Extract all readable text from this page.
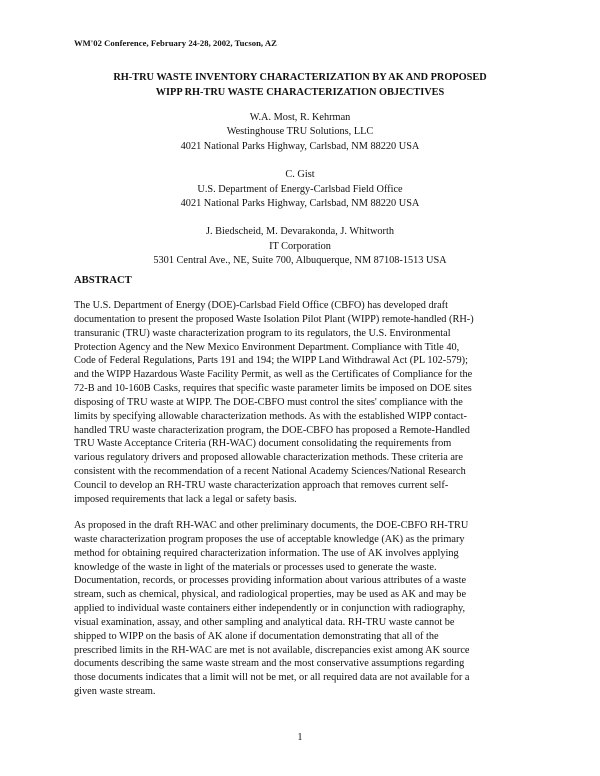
WM'02 Conference, February 24-28, 2002, Tucson, AZ
RH-TRU WASTE INVENTORY CHARACTERIZATION BY AK AND PROPOSED
WIPP RH-TRU WASTE CHARACTERIZATION OBJECTIVES
W.A. Most, R. Kehrman
Westinghouse TRU Solutions, LLC
4021 National Parks Highway, Carlsbad, NM 88220 USA
C. Gist
U.S. Department of Energy-Carlsbad Field Office
4021 National Parks Highway, Carlsbad, NM 88220 USA
J. Biedscheid, M. Devarakonda, J. Whitworth
IT Corporation
5301 Central Ave., NE, Suite 700, Albuquerque, NM 87108-1513 USA
ABSTRACT
The U.S. Department of Energy (DOE)-Carlsbad Field Office (CBFO) has developed draft
documentation to present the proposed Waste Isolation Pilot Plant (WIPP) remote-handled (RH-)
transuranic (TRU) waste characterization program to its regulators, the U.S. Environmental
Protection Agency and the New Mexico Environment Department. Compliance with Title 40,
Code of Federal Regulations, Parts 191 and 194; the WIPP Land Withdrawal Act (PL 102-579);
and the WIPP Hazardous Waste Facility Permit, as well as the Certificates of Compliance for the
72-B and 10-160B Casks, requires that specific waste parameter limits be imposed on DOE sites
disposing of TRU waste at WIPP. The DOE-CBFO must control the sites' compliance with the
limits by specifying allowable characterization methods. As with the established WIPP contact-
handled TRU waste characterization program, the DOE-CBFO has proposed a Remote-Handled
TRU Waste Acceptance Criteria (RH-WAC) document consolidating the requirements from
various regulatory drivers and proposed allowable characterization methods. These criteria are
consistent with the recommendation of a recent National Academy Sciences/National Research
Council to develop an RH-TRU waste characterization approach that removes current self-
imposed requirements that lack a legal or safety basis.
As proposed in the draft RH-WAC and other preliminary documents, the DOE-CBFO RH-TRU
waste characterization program proposes the use of acceptable knowledge (AK) as the primary
method for obtaining required characterization information. The use of AK involves applying
knowledge of the waste in light of the materials or processes used to generate the waste.
Documentation, records, or processes providing information about various attributes of a waste
stream, such as chemical, physical, and radiological properties, may be used as AK and may be
applied to individual waste containers either independently or in conjunction with radiography,
visual examination, assay, and other sampling and analytical data. RH-TRU waste cannot be
shipped to WIPP on the basis of AK alone if documentation demonstrating that all of the
prescribed limits in the RH-WAC are met is not available, discrepancies exist among AK source
documents describing the same waste stream and the most conservative assumptions regarding
those documents indicates that a limit will not be met, or all required data are not available for a
given waste stream.
1
